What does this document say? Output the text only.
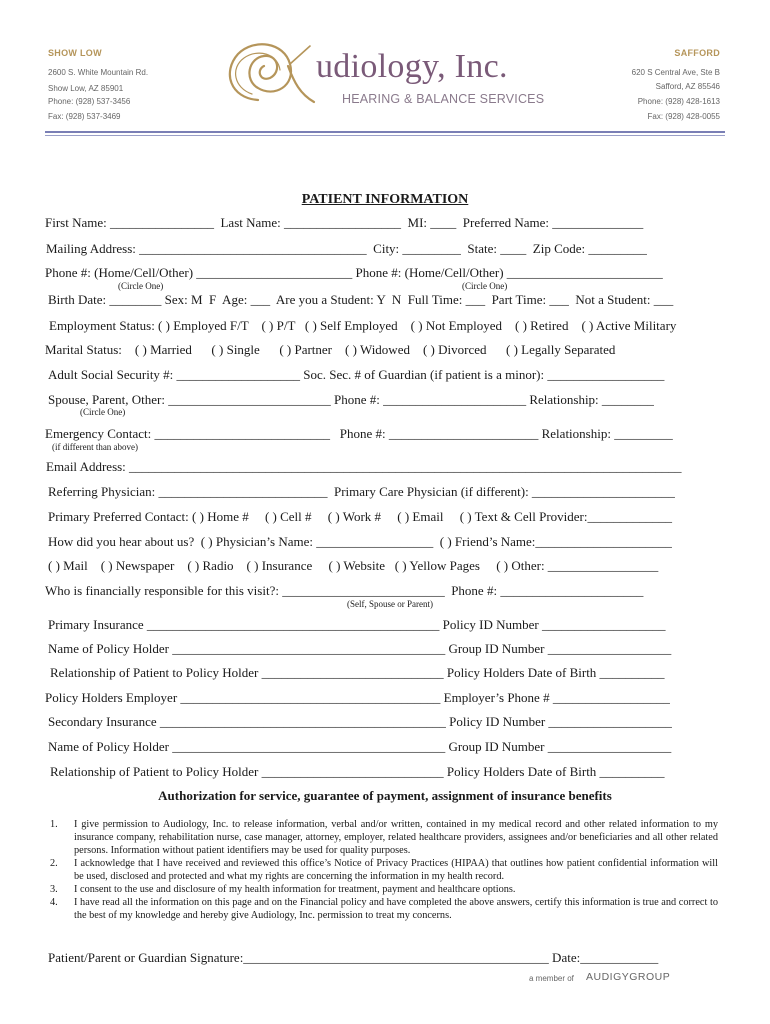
SHOW LOW
2600 S. White Mountain Rd.
Show Low, AZ 85901
Phone: (928) 537-3456
Fax: (928) 537-3469
SAFFORD
620 S Central Ave, Ste B
Safford, AZ 85546
Phone: (928) 428-1613
Fax: (928) 428-0055
udiology, Inc.
HEARING & BALANCE SERVICES
PATIENT INFORMATION
First Name: ________________  Last Name: __________________  MI: ____  Preferred Name: ______________
Mailing Address: ___________________________________  City: _________  State: ____  Zip Code: _________
Phone #: (Home/Cell/Other) ________________________ Phone #: (Home/Cell/Other) ________________________
(Circle One)	(Circle One)
Birth Date: ________ Sex: M  F  Age: ___  Are you a Student: Y  N  Full Time: ___  Part Time: ___  Not a Student: ___
Employment Status: ( ) Employed F/T    ( ) P/T   ( ) Self Employed    ( ) Not Employed    ( ) Retired    ( ) Active Military
Marital Status:    ( ) Married      ( ) Single      ( ) Partner    ( ) Widowed    ( ) Divorced      ( ) Legally Separated
Adult Social Security #: ___________________ Soc. Sec. # of Guardian (if patient is a minor): __________________
Spouse, Parent, Other: _________________________ Phone #: ______________________ Relationship: ________
(Circle One)
Emergency Contact: ___________________________   Phone #: _______________________ Relationship: _________
(if different than above)
Email Address: _____________________________________________________________________________________
Referring Physician: __________________________  Primary Care Physician (if different): ______________________
Primary Preferred Contact: ( ) Home #     ( ) Cell #     ( ) Work #     ( ) Email     ( ) Text & Cell Provider:_____________
How did you hear about us?  ( ) Physician’s Name: __________________  ( ) Friend’s Name:_____________________
( ) Mail    ( ) Newspaper    ( ) Radio    ( ) Insurance     ( ) Website   ( ) Yellow Pages     ( ) Other: _________________
Who is financially responsible for this visit?: _________________________  Phone #: ______________________
(Self, Spouse or Parent)
Primary Insurance _____________________________________________ Policy ID Number ___________________
Name of Policy Holder __________________________________________ Group ID Number ___________________
Relationship of Patient to Policy Holder ____________________________ Policy Holders Date of Birth __________
Policy Holders Employer ________________________________________ Employer’s Phone # __________________
Secondary Insurance ____________________________________________ Policy ID Number ___________________
Name of Policy Holder __________________________________________ Group ID Number ___________________
Relationship of Patient to Policy Holder ____________________________ Policy Holders Date of Birth __________
Authorization for service, guarantee of payment, assignment of insurance benefits
1. I give permission to Audiology, Inc. to release information, verbal and/or written, contained in my medical record and other related information to my insurance company, rehabilitation nurse, case manager, attorney, employer, related healthcare providers, assignees and/or beneficiaries and all other related persons. Information without patient identifiers may be used for quality purposes.
2. I acknowledge that I have received and reviewed this office’s Notice of Privacy Practices (HIPAA) that outlines how patient confidential information will be used, disclosed and protected and what my rights are concerning the information in my health record.
3. I consent to the use and disclosure of my health information for treatment, payment and healthcare options.
4. I have read all the information on this page and on the Financial policy and have completed the above answers, certify this information is true and correct to the best of my knowledge and hereby give Audiology, Inc. permission to treat my concerns.
Patient/Parent or Guardian Signature:_______________________________________________ Date:____________
a member of AUDIGYGROUP
